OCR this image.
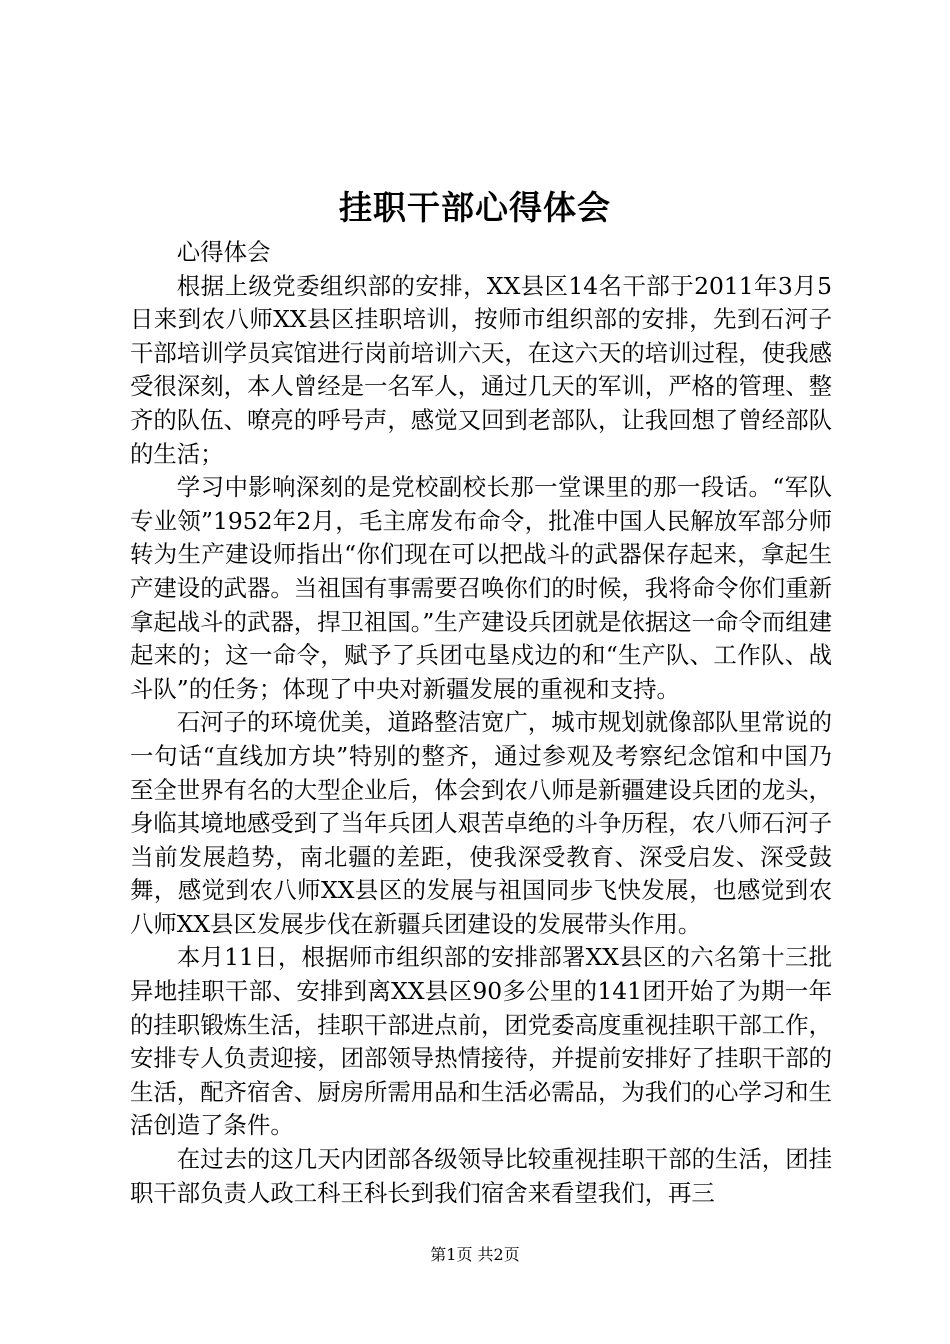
挂职干部心得体会

心得体会

根据上级党委组织部的安排，XX县区14名干部于2011年3月5日来到农八师XX县区挂职培训，按师市组织部的安排，先到石河子干部培训学员宾馆进行岗前培训六天，在这六天的培训过程，使我感受很深刻，本人曾经是一名军人，通过几天的军训，严格的管理、整齐的队伍、嘹亮的呼号声，感觉又回到老部队，让我回想了曾经部队的生活；

学习中影响深刻的是党校副校长那一堂课里的那一段话。“军队专业领”1952年2月，毛主席发布命令，批准中国人民解放军部分师转为生产建设师指出“你们现在可以把战斗的武器保存起来，拿起生产建设的武器。当祖国有事需要召唤你们的时候，我将命令你们重新拿起战斗的武器，捍卫祖国。”生产建设兵团就是依据这一命令而组建起来的；这一命令，赋予了兵团屯垦戍边的和“生产队、工作队、战斗队”的任务；体现了中央对新疆发展的重视和支持。

石河子的环境优美，道路整洁宽广，城市规划就像部队里常说的一句话“直线加方块”特别的整齐，通过参观及考察纪念馆和中国乃至全世界有名的大型企业后，体会到农八师是新疆建设兵团的龙头，身临其境地感受到了当年兵团人艰苦卓绝的斗争历程，农八师石河子当前发展趋势，南北疆的差距，使我深受教育、深受启发、深受鼓舞，感觉到农八师XX县区的发展与祖国同步飞快发展，也感觉到农八师XX县区发展步伐在新疆兵团建设的发展带头作用。

本月11日，根据师市组织部的安排部署XX县区的六名第十三批异地挂职干部、安排到离XX县区90多公里的141团开始了为期一年的挂职锻炼生活，挂职干部进点前，团党委高度重视挂职干部工作，安排专人负责迎接，团部领导热情接待，并提前安排好了挂职干部的生活，配齐宿舍、厨房所需用品和生活必需品，为我们的心学习和生活创造了条件。

在过去的这几天内团部各级领导比较重视挂职干部的生活，团挂职干部负责人政工科王科长到我们宿舍来看望我们，再三

第1页 共2页
